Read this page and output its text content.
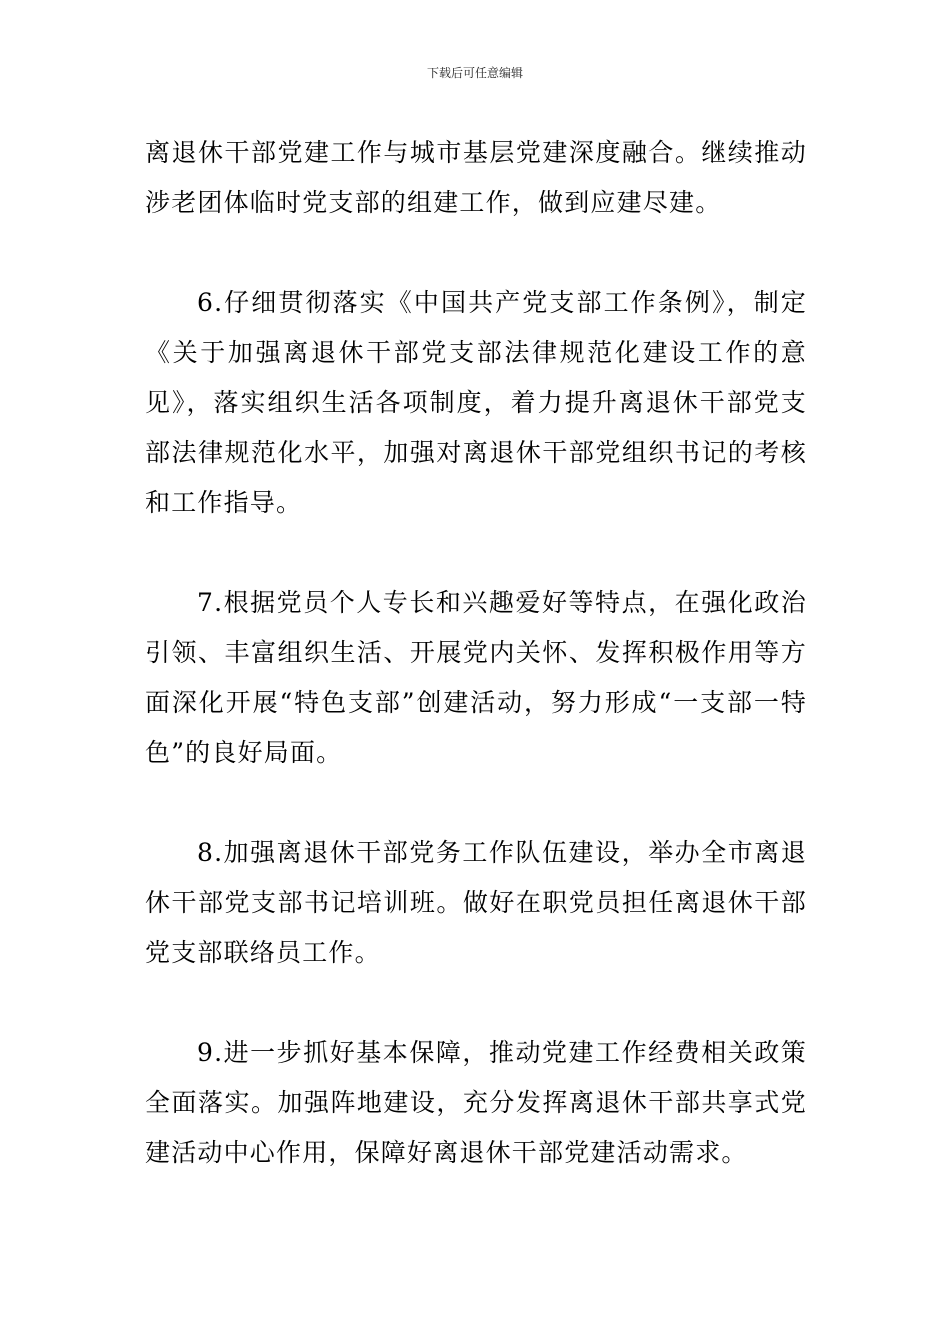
下载后可任意编辑

离退休干部党建工作与城市基层党建深度融合。继续推动涉老团体临时党支部的组建工作，做到应建尽建。

6.仔细贯彻落实《中国共产党支部工作条例》，制定《关于加强离退休干部党支部法律规范化建设工作的意见》，落实组织生活各项制度，着力提升离退休干部党支部法律规范化水平，加强对离退休干部党组织书记的考核和工作指导。

7.根据党员个人专长和兴趣爱好等特点，在强化政治引领、丰富组织生活、开展党内关怀、发挥积极作用等方面深化开展“特色支部”创建活动，努力形成“一支部一特色”的良好局面。

8.加强离退休干部党务工作队伍建设，举办全市离退休干部党支部书记培训班。做好在职党员担任离退休干部党支部联络员工作。

9.进一步抓好基本保障，推动党建工作经费相关政策全面落实。加强阵地建设，充分发挥离退休干部共享式党建活动中心作用，保障好离退休干部党建活动需求。
